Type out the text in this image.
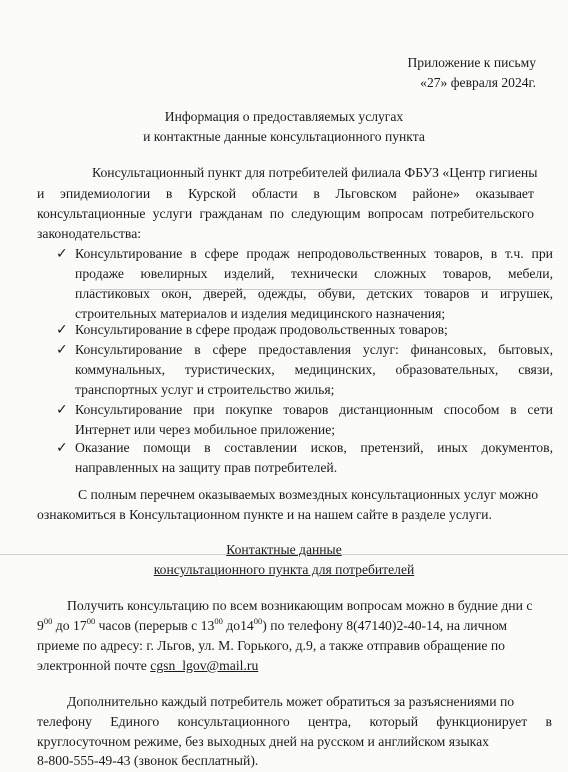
Приложение к письму
«27» февраля 2024г.
Информация о предоставляемых услугах
и контактные данные консультационного пункта
Консультационный пункт для потребителей филиала ФБУЗ «Центр гигиены
и эпидемиологии в Курской области в Льговском районе» оказывает
консультационные услуги гражданам по следующим вопросам потребительского
законодательства:
✓ Консультирование в сфере продаж непродовольственных товаров, в т.ч. при
продаже ювелирных изделий, технически сложных товаров, мебели,
пластиковых окон, дверей, одежды, обуви, детских товаров и игрушек,
строительных материалов и изделия медицинского назначения;
✓ Консультирование в сфере продаж продовольственных товаров;
✓ Консультирование в сфере предоставления услуг: финансовых, бытовых,
коммунальных, туристических, медицинских, образовательных, связи,
транспортных услуг и строительство жилья;
✓ Консультирование при покупке товаров дистанционным способом в сети
Интернет или через мобильное приложение;
✓ Оказание помощи в составлении исков, претензий, иных документов,
направленных на защиту прав потребителей.
С полным перечнем оказываемых возмездных консультационных услуг можно
ознакомиться в Консультационном пункте и на нашем сайте в разделе услуги.
Контактные данные
консультационного пункта для потребителей
Получить консультацию по всем возникающим вопросам можно в будние дни с
$9^{00}$ до $17^{00}$ часов (перерыв с $13^{00}$ $до14^{00}$) по телефону 8(47140)2-40-14, на личном
приеме по адресу: г. Льгов, ул. М. Горького, д.9, а также отправив обращение по
электронной почте cgsn_lgov@mail.ru
Дополнительно каждый потребитель может обратиться за разъяснениями по
телефону Единого консультационного центра, который функционирует в
круглосуточном режиме, без выходных дней на русском и английском языках
8-800-555-49-43 (звонок бесплатный).
